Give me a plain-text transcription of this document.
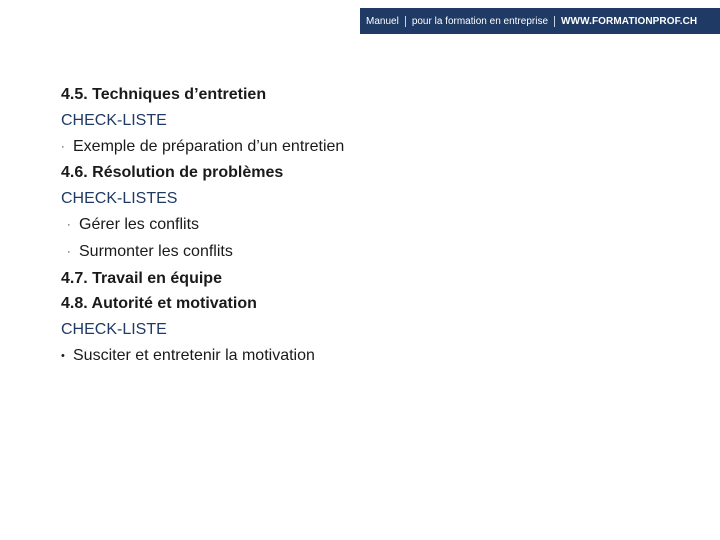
Manuel	pour la formation en entreprise	WWW.FORMATIONPROF.CH
4.5. Techniques d’entretien
CHECK-LISTE
· Exemple de préparation d’un entretien
4.6. Résolution de problèmes
CHECK-LISTES
· Gérer les conflits
· Surmonter les conflits
4.7. Travail en équipe
4.8. Autorité et motivation
CHECK-LISTE
• Susciter et entretenir la motivation
